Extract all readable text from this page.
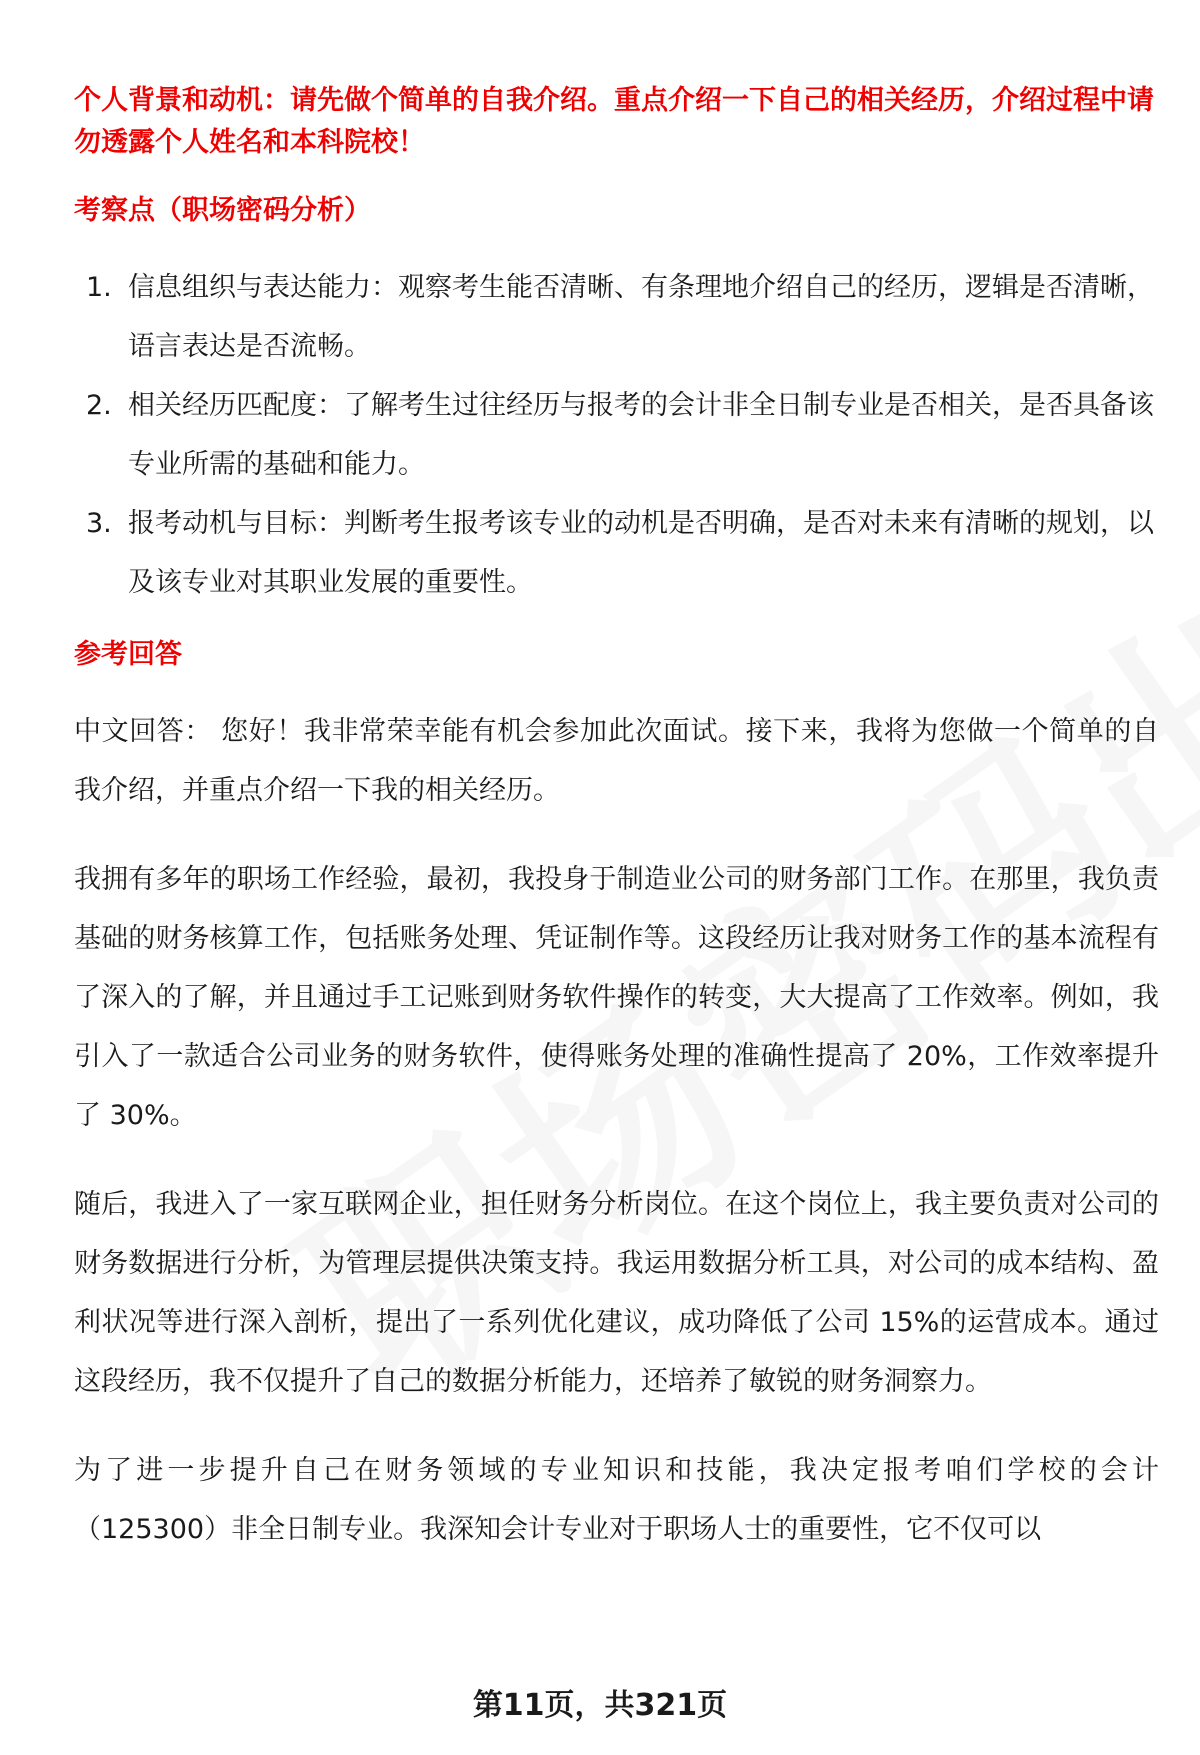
个人背景和动机：请先做个简单的自我介绍。重点介绍一下自己的相关经历，介绍过程中请勿透露个人姓名和本科院校！
考察点（职场密码分析）
1. 信息组织与表达能力：观察考生能否清晰、有条理地介绍自己的经历，逻辑是否清晰，语言表达是否流畅。
2. 相关经历匹配度：了解考生过往经历与报考的会计非全日制专业是否相关，是否具备该专业所需的基础和能力。
3. 报考动机与目标：判断考生报考该专业的动机是否明确，是否对未来有清晰的规划，以及该专业对其职业发展的重要性。
参考回答

中文回答： 您好！我非常荣幸能有机会参加此次面试。接下来，我将为您做一个简单的自我介绍，并重点介绍一下我的相关经历。

我拥有多年的职场工作经验，最初，我投身于制造业公司的财务部门工作。在那里，我负责基础的财务核算工作，包括账务处理、凭证制作等。这段经历让我对财务工作的基本流程有了深入的了解，并且通过手工记账到财务软件操作的转变，大大提高了工作效率。例如，我引入了一款适合公司业务的财务软件，使得账务处理的准确性提高了 20%，工作效率提升了 30%。

随后，我进入了一家互联网企业，担任财务分析岗位。在这个岗位上，我主要负责对公司的财务数据进行分析，为管理层提供决策支持。我运用数据分析工具，对公司的成本结构、盈利状况等进行深入剖析，提出了一系列优化建议，成功降低了公司 15%的运营成本。通过这段经历，我不仅提升了自己的数据分析能力，还培养了敏锐的财务洞察力。

为了进一步提升自己在财务领域的专业知识和技能，我决定报考咱们学校的会计（125300）非全日制专业。我深知会计专业对于职场人士的重要性，它不仅可以

第11页，共321页
